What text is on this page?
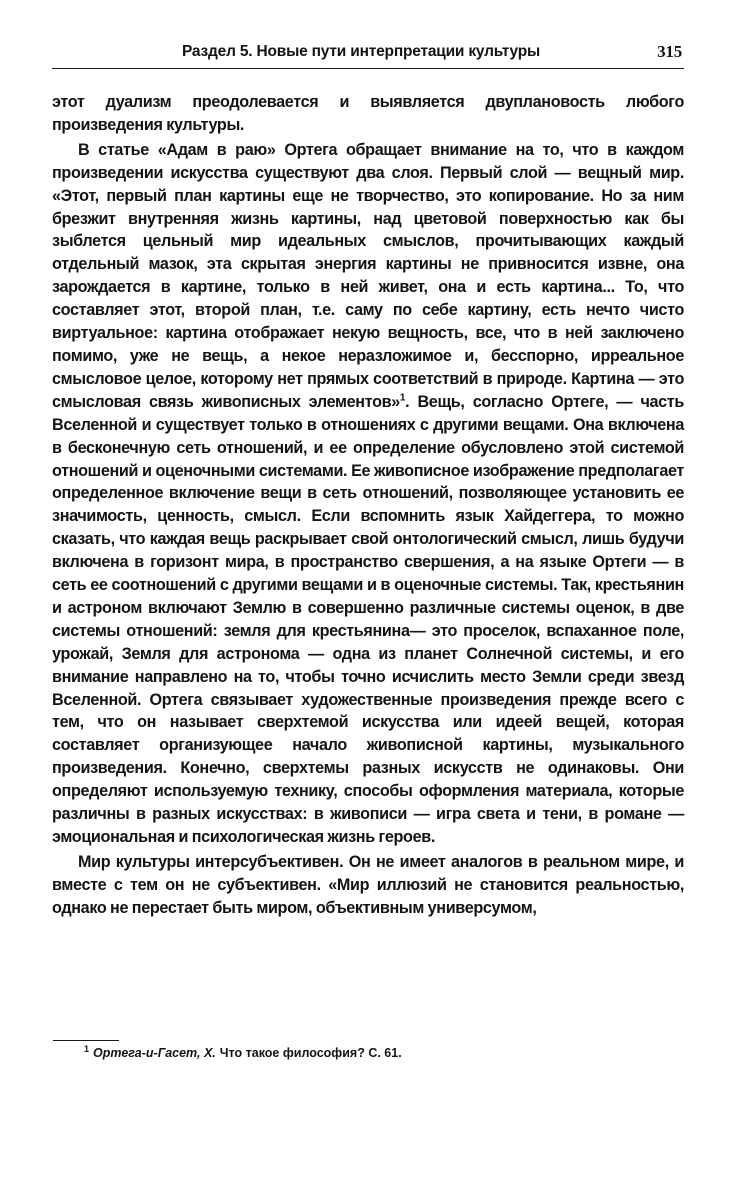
Раздел 5. Новые пути интерпретации культуры	315

этот дуализм преодолевается и выявляется двуплановость любого произведения культуры.

В статье «Адам в раю» Ортега обращает внимание на то, что в каждом произведении искусства существуют два слоя. Первый слой — вещный мир. «Этот, первый план картины еще не творчество, это копирование. Но за ним брезжит внутренняя жизнь картины, над цветовой поверхностью как бы зыблется цельный мир идеальных смыслов, прочитывающих каждый отдельный мазок, эта скрытая энергия картины не привносится извне, она зарождается в картине, только в ней живет, она и есть картина... То, что составляет этот, второй план, т.е. саму по себе картину, есть нечто чисто виртуальное: картина отображает некую вещность, все, что в ней заключено помимо, уже не вещь, а некое неразложимое и, бесспорно, ирреальное смысловое целое, которому нет прямых соответствий в природе. Картина — это смысловая связь живописных элементов»$^1$. Вещь, согласно Ортеге, — часть Вселенной и существует только в отношениях с другими вещами. Она включена в бесконечную сеть отношений, и ее определение обусловлено этой системой отношений и оценочными системами. Ее живописное изображение предполагает определенное включение вещи в сеть отношений, позволяющее установить ее значимость, ценность, смысл. Если вспомнить язык Хайдеггера, то можно сказать, что каждая вещь раскрывает свой онтологический смысл, лишь будучи включена в горизонт мира, в пространство свершения, а на языке Ортеги — в сеть ее соотношений с другими вещами и в оценочные системы. Так, крестьянин и астроном включают Землю в совершенно различные системы оценок, в две системы отношений: земля для крестьянина— это проселок, вспаханное поле, урожай, Земля для астронома — одна из планет Солнечной системы, и его внимание направлено на то, чтобы точно исчислить место Земли среди звезд Вселенной. Ортега связывает художественные произведения прежде всего с тем, что он называет сверхтемой искусства или идеей вещей, которая составляет организующее начало живописной картины, музыкального произведения. Конечно, сверхтемы разных искусств не одинаковы. Они определяют используемую технику, способы оформления материала, которые различны в разных искусствах: в живописи — игра света и тени, в романе — эмоциональная и психологическая жизнь героев.

Мир культуры интерсубъективен. Он не имеет аналогов в реальном мире, и вместе с тем он не субъективен. «Мир иллюзий не становится реальностью, однако не перестает быть миром, объективным универсумом,

$^1$ Ортега-и-Гасет, Х. Что такое философия? С. 61.
